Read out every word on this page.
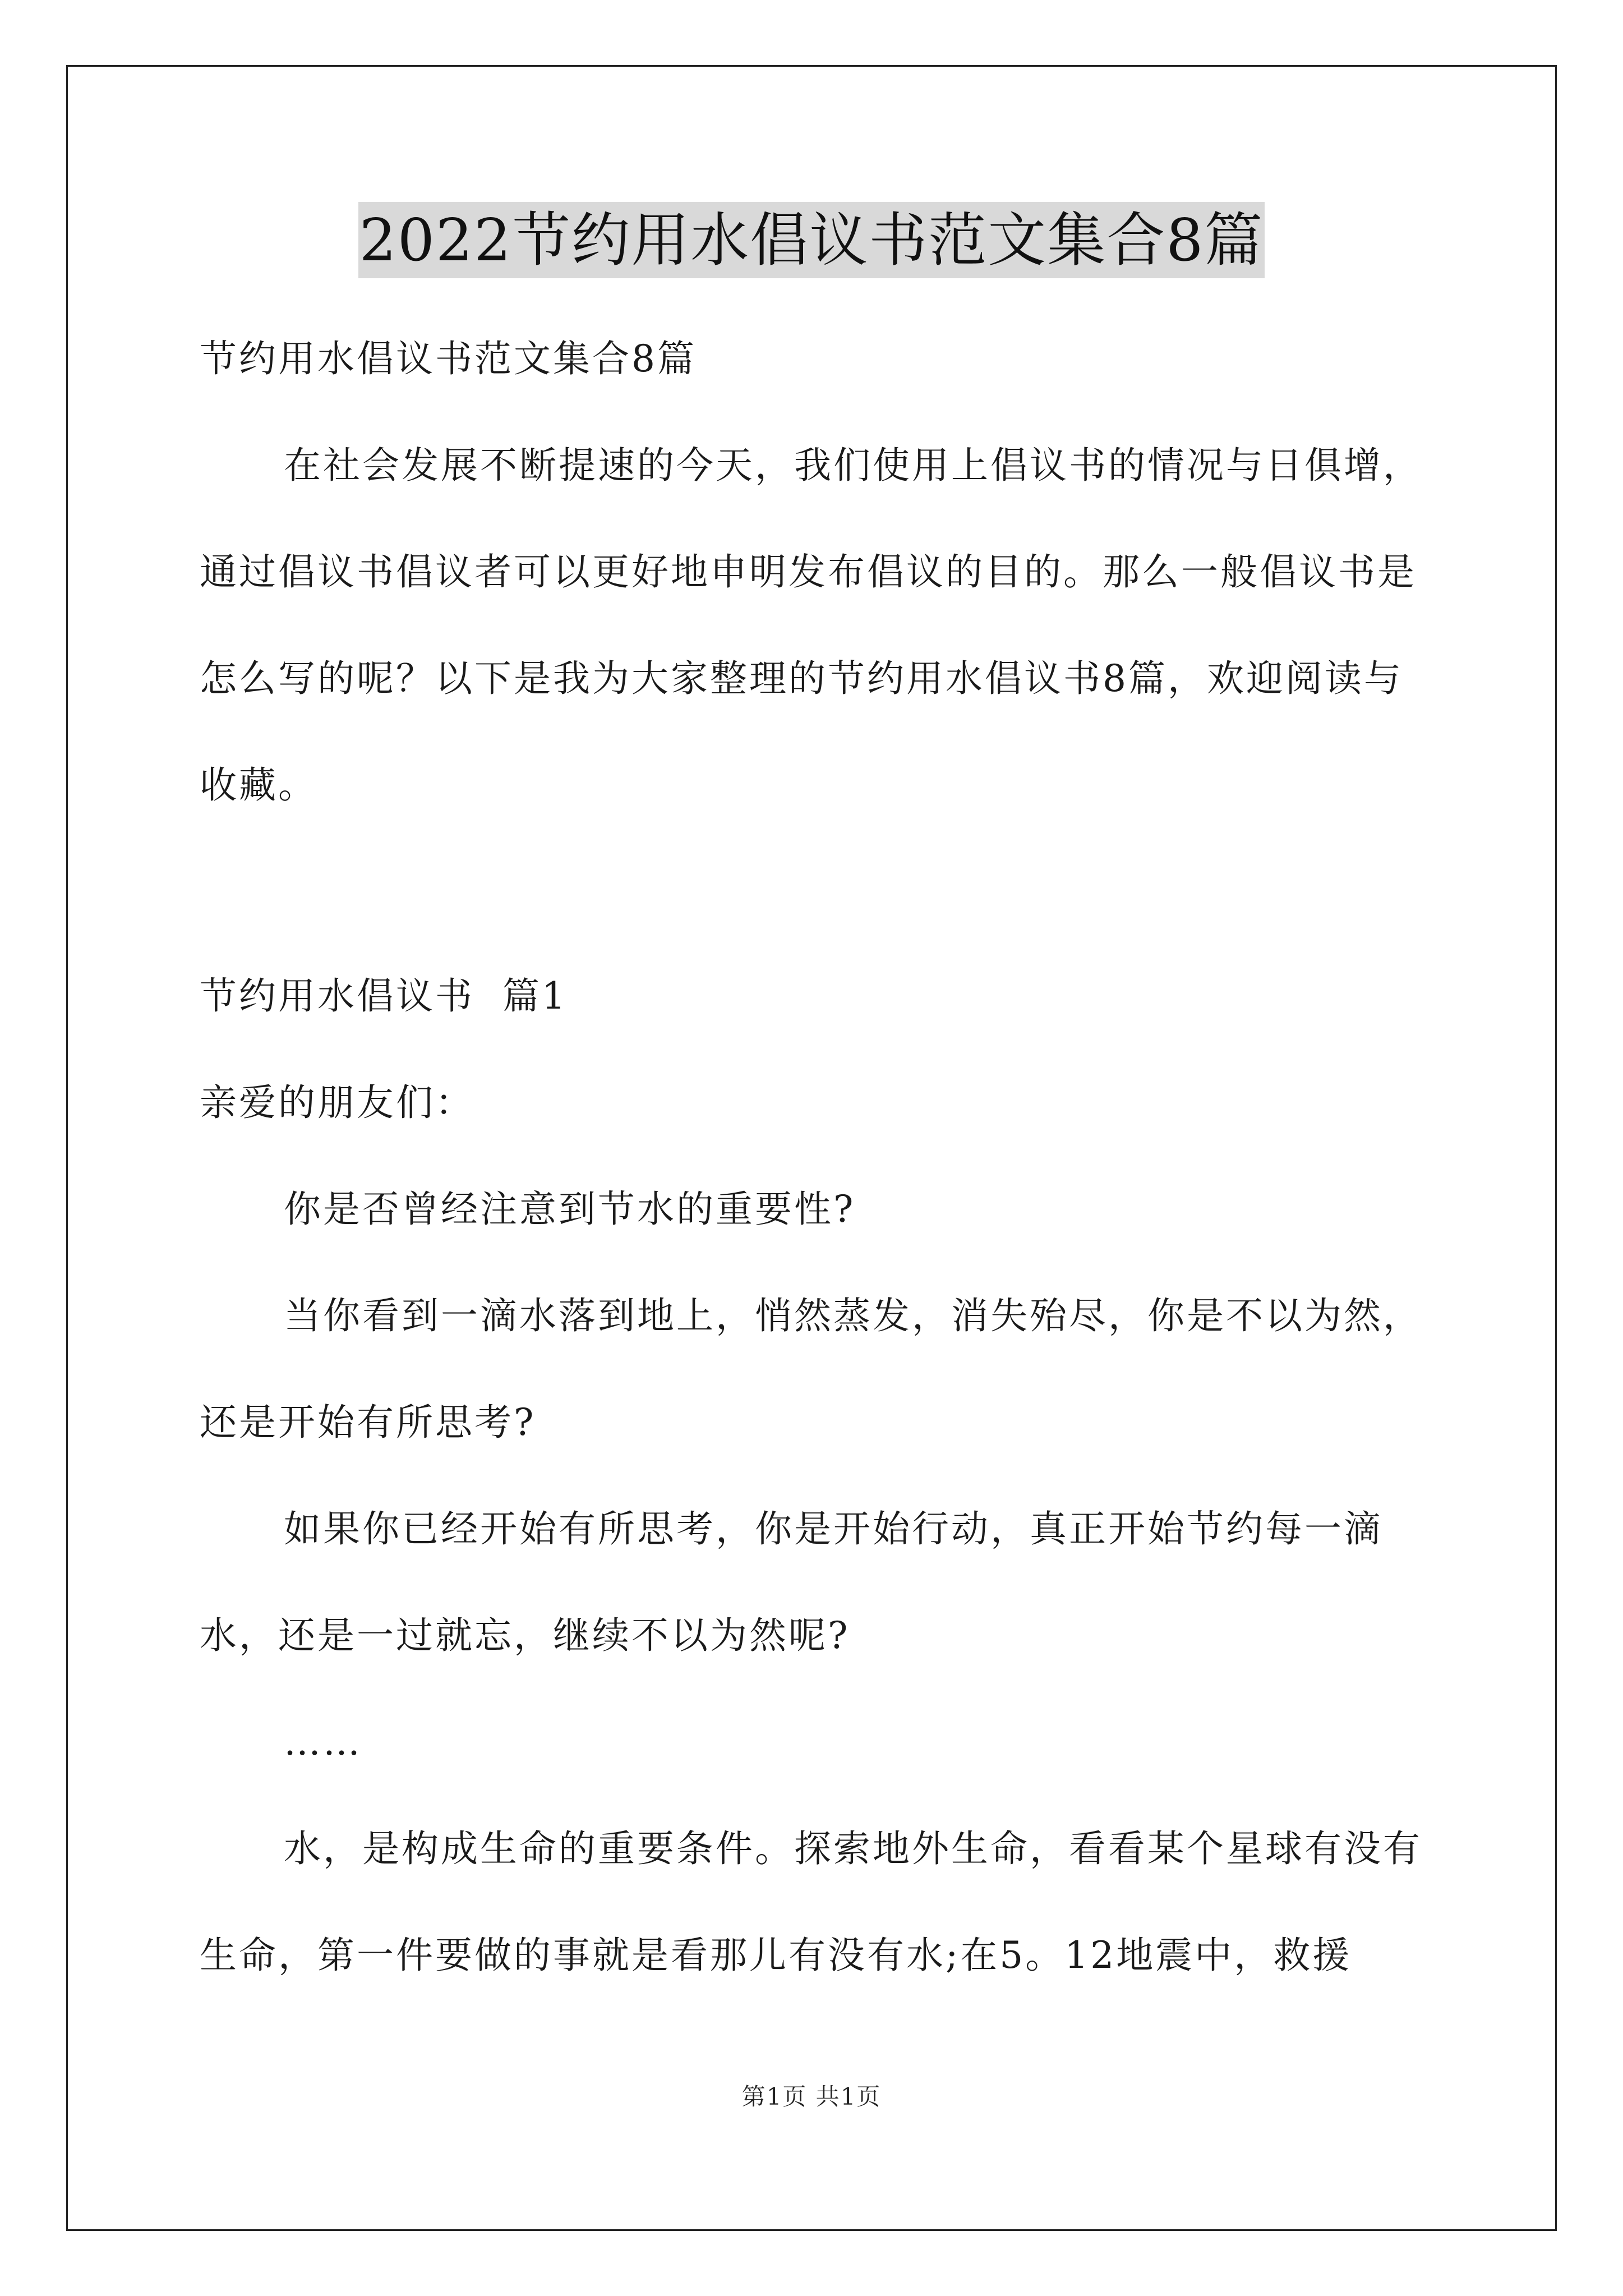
2022节约用水倡议书范文集合8篇

节约用水倡议书范文集合8篇

在社会发展不断提速的今天，我们使用上倡议书的情况与日俱增，通过倡议书倡议者可以更好地申明发布倡议的目的。那么一般倡议书是怎么写的呢？以下是我为大家整理的节约用水倡议书8篇，欢迎阅读与收藏。

节约用水倡议书  篇1

亲爱的朋友们：

你是否曾经注意到节水的重要性?

当你看到一滴水落到地上，悄然蒸发，消失殆尽，你是不以为然，还是开始有所思考?

如果你已经开始有所思考，你是开始行动，真正开始节约每一滴水，还是一过就忘，继续不以为然呢?

……

水，是构成生命的重要条件。探索地外生命，看看某个星球有没有生命，第一件要做的事就是看那儿有没有水;在5。12地震中，救援

第1页 共1页
